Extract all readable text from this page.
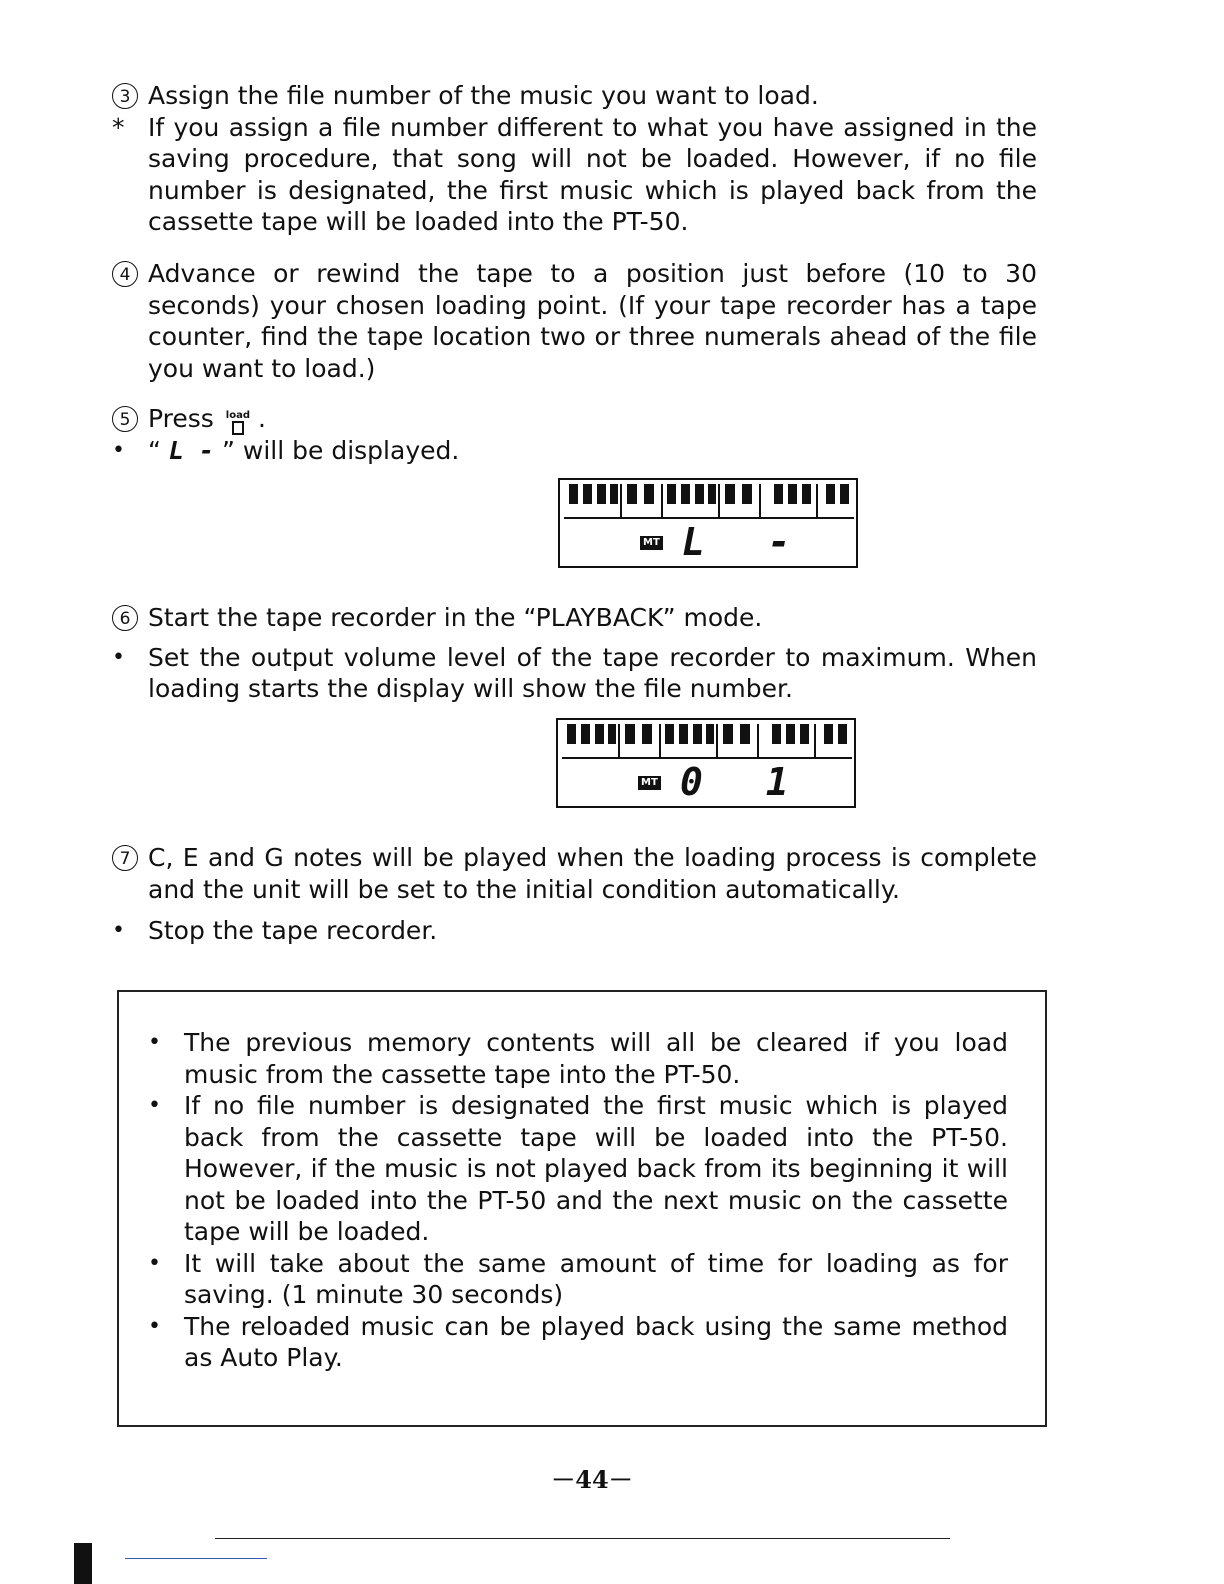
3 Assign the file number of the music you want to load.
* If you assign a file number different to what you have assigned in the saving procedure, that song will not be loaded. However, if no file number is designated, the first music which is played back from the cassette tape will be loaded into the PT-50.
4 Advance or rewind the tape to a position just before (10 to 30 seconds) your chosen loading point. (If your tape recorder has a tape counter, find the tape location two or three numerals ahead of the file you want to load.)
5 Press load .
• “ L - ” will be displayed.
MT L -
6 Start the tape recorder in the “PLAYBACK” mode.
• Set the output volume level of the tape recorder to maximum. When loading starts the display will show the file number.
MT 0 1
7 C, E and G notes will be played when the loading process is complete and the unit will be set to the initial condition automatically.
• Stop the tape recorder.
• The previous memory contents will all be cleared if you load music from the cassette tape into the PT-50.
• If no file number is designated the first music which is played back from the cassette tape will be loaded into the PT-50. However, if the music is not played back from its beginning it will not be loaded into the PT-50 and the next music on the cassette tape will be loaded.
• It will take about the same amount of time for loading as for saving. (1 minute 30 seconds)
• The reloaded music can be played back using the same method as Auto Play.
－44－
